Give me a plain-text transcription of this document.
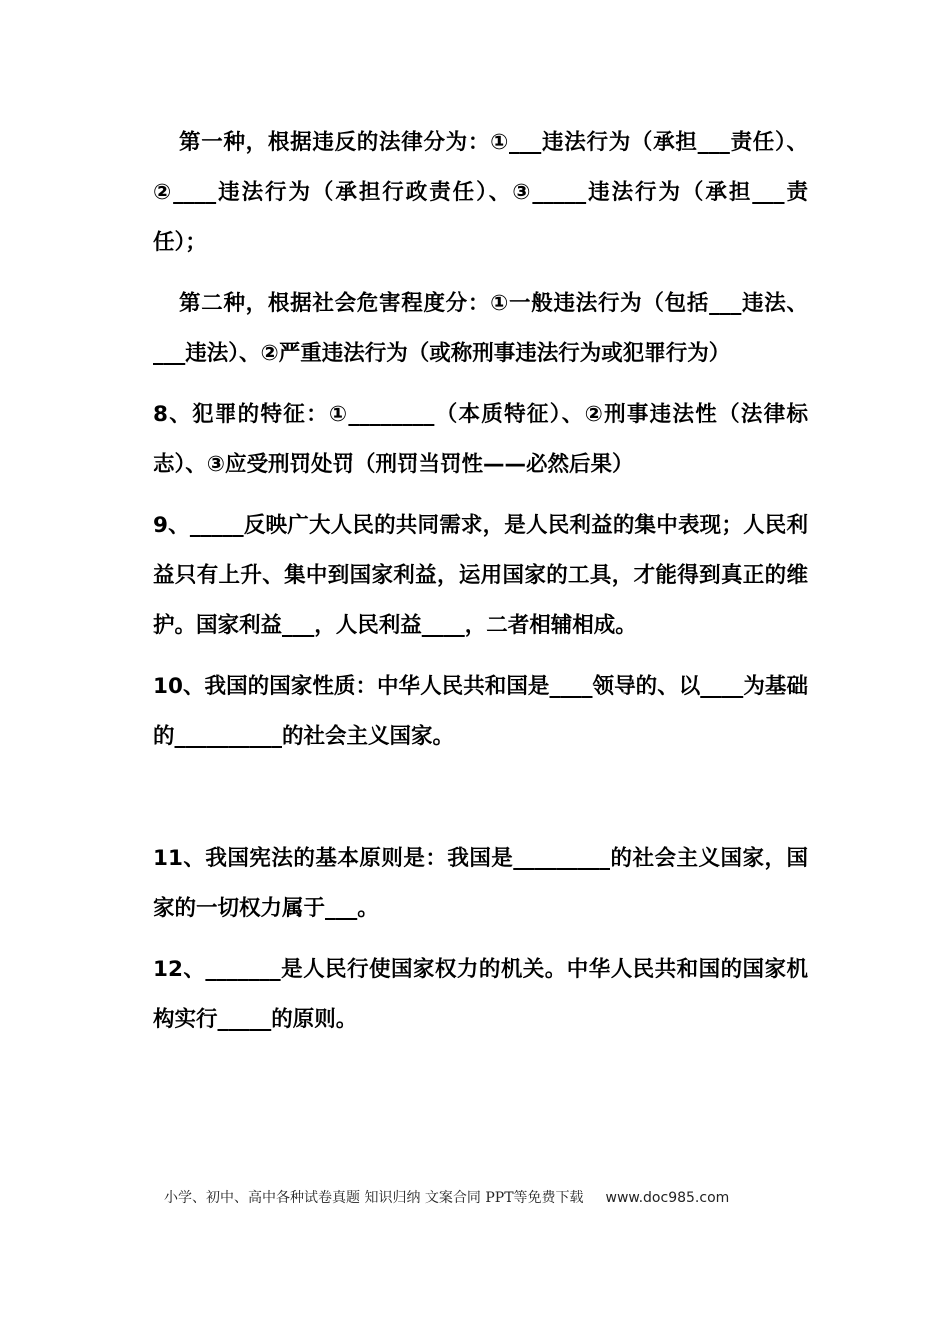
第一种，根据违反的法律分为：①___违法行为（承担___责任）、②____违法行为（承担行政责任）、③_____违法行为（承担___责任）；

第二种，根据社会危害程度分：①一般违法行为（包括___违法、___违法）、②严重违法行为（或称刑事违法行为或犯罪行为）

8、犯罪的特征：①________（本质特征）、②刑事违法性（法律标志）、③应受刑罚处罚（刑罚当罚性——必然后果）

9、_____反映广大人民的共同需求，是人民利益的集中表现；人民利益只有上升、集中到国家利益，运用国家的工具，才能得到真正的维护。国家利益___，人民利益____，二者相辅相成。

10、我国的国家性质：中华人民共和国是____领导的、以____为基础的__________的社会主义国家。

11、我国宪法的基本原则是：我国是_________的社会主义国家，国家的一切权力属于___。

12、_______是人民行使国家权力的机关。中华人民共和国的国家机构实行_____的原则。

小学、初中、高中各种试卷真题 知识归纳 文案合同 PPT等免费下载 www.doc985.com
